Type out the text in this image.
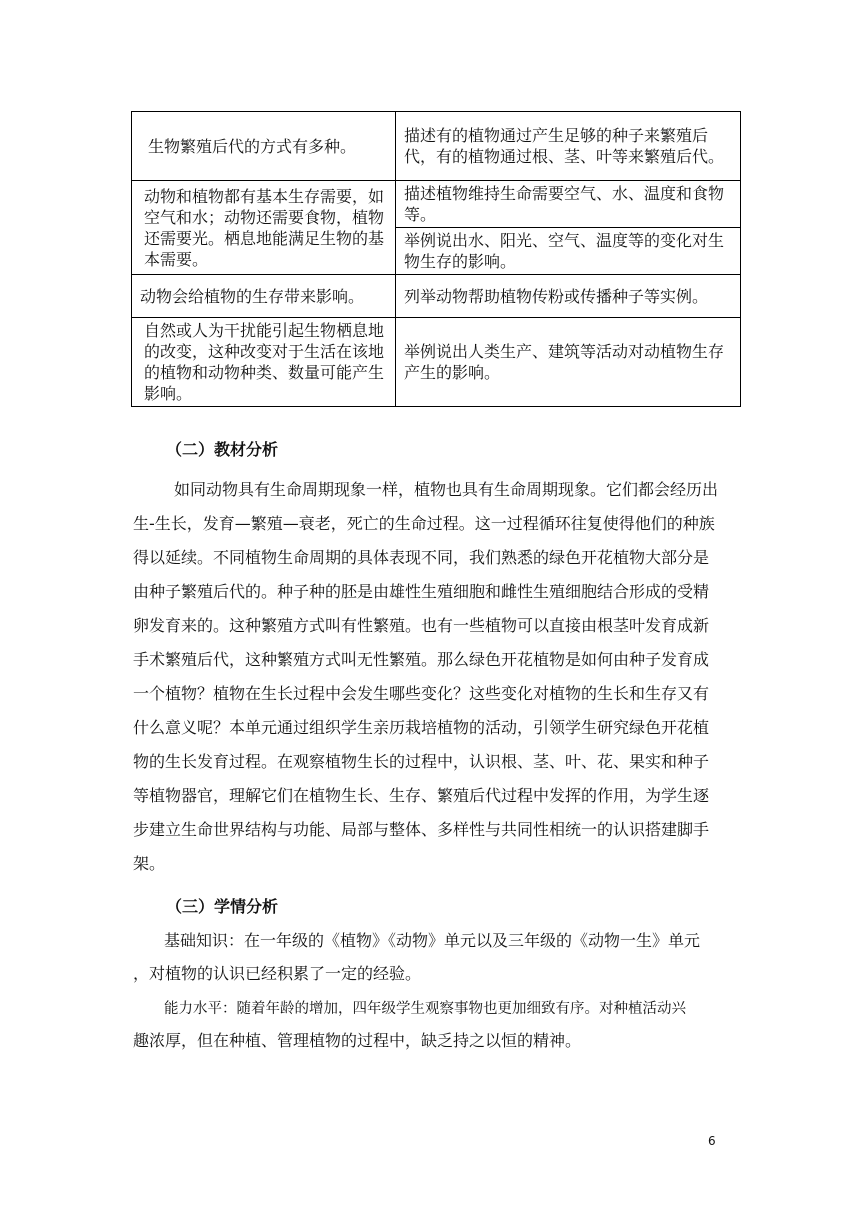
生物繁殖后代的方式有多种。	描述有的植物通过产生足够的种子来繁殖后代，有的植物通过根、茎、叶等来繁殖后代。
动物和植物都有基本生存需要，如空气和水；动物还需要食物，植物还需要光。栖息地能满足生物的基本需要。	描述植物维持生命需要空气、水、温度和食物等。
	举例说出水、阳光、空气、温度等的变化对生物生存的影响。
动物会给植物的生存带来影响。	列举动物帮助植物传粉或传播种子等实例。
自然或人为干扰能引起生物栖息地的改变，这种改变对于生活在该地的植物和动物种类、数量可能产生影响。	举例说出人类生产、建筑等活动对动植物生存产生的影响。
（二）教材分析
如同动物具有生命周期现象一样，植物也具有生命周期现象。它们都会经历出
生-生长，发育—繁殖—衰老，死亡的生命过程。这一过程循环往复使得他们的种族
得以延续。不同植物生命周期的具体表现不同，我们熟悉的绿色开花植物大部分是
由种子繁殖后代的。种子种的胚是由雄性生殖细胞和雌性生殖细胞结合形成的受精
卵发育来的。这种繁殖方式叫有性繁殖。也有一些植物可以直接由根茎叶发育成新
手术繁殖后代，这种繁殖方式叫无性繁殖。那么绿色开花植物是如何由种子发育成
一个植物？植物在生长过程中会发生哪些变化？这些变化对植物的生长和生存又有
什么意义呢？本单元通过组织学生亲历栽培植物的活动，引领学生研究绿色开花植
物的生长发育过程。在观察植物生长的过程中，认识根、茎、叶、花、果实和种子
等植物器官，理解它们在植物生长、生存、繁殖后代过程中发挥的作用，为学生逐
步建立生命世界结构与功能、局部与整体、多样性与共同性相统一的认识搭建脚手
架。
（三）学情分析
基础知识：在一年级的《植物》《动物》单元以及三年级的《动物一生》单元
，对植物的认识已经积累了一定的经验。
能力水平：随着年龄的增加，四年级学生观察事物也更加细致有序。对种植活动兴
趣浓厚，但在种植、管理植物的过程中，缺乏持之以恒的精神。
6
